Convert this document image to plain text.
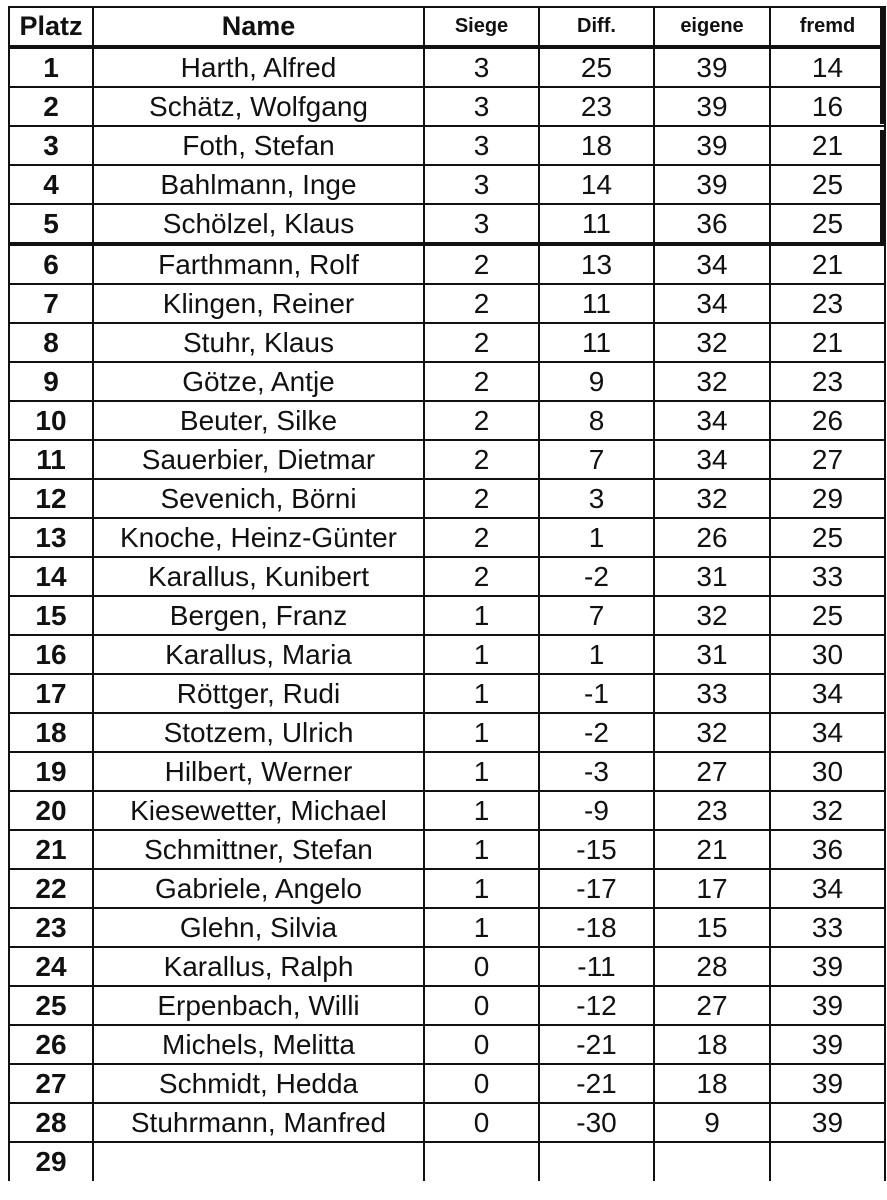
Platz	Name	Siege	Diff.	eigene	fremd
1	Harth, Alfred	3	25	39	14
2	Schätz, Wolfgang	3	23	39	16
3	Foth, Stefan	3	18	39	21
4	Bahlmann, Inge	3	14	39	25
5	Schölzel, Klaus	3	11	36	25
6	Farthmann, Rolf	2	13	34	21
7	Klingen, Reiner	2	11	34	23
8	Stuhr, Klaus	2	11	32	21
9	Götze, Antje	2	9	32	23
10	Beuter, Silke	2	8	34	26
11	Sauerbier, Dietmar	2	7	34	27
12	Sevenich, Börni	2	3	32	29
13	Knoche, Heinz-Günter	2	1	26	25
14	Karallus, Kunibert	2	-2	31	33
15	Bergen, Franz	1	7	32	25
16	Karallus, Maria	1	1	31	30
17	Röttger, Rudi	1	-1	33	34
18	Stotzem, Ulrich	1	-2	32	34
19	Hilbert, Werner	1	-3	27	30
20	Kiesewetter, Michael	1	-9	23	32
21	Schmittner, Stefan	1	-15	21	36
22	Gabriele, Angelo	1	-17	17	34
23	Glehn, Silvia	1	-18	15	33
24	Karallus, Ralph	0	-11	28	39
25	Erpenbach, Willi	0	-12	27	39
26	Michels, Melitta	0	-21	18	39
27	Schmidt, Hedda	0	-21	18	39
28	Stuhrmann, Manfred	0	-30	9	39
29					
